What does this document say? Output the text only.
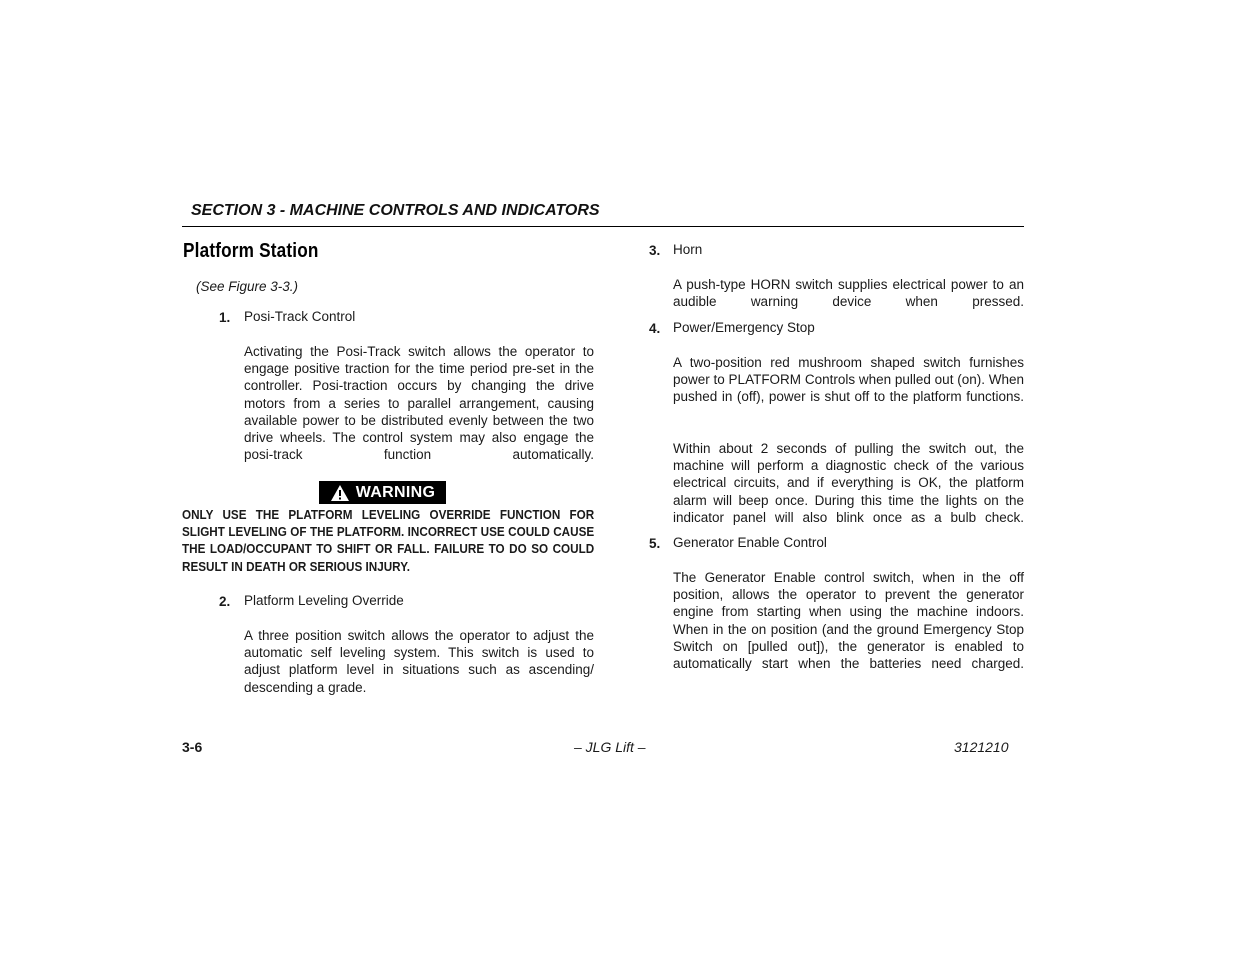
SECTION 3 - MACHINE CONTROLS AND INDICATORS
Platform Station
(See Figure 3-3.)
1. Posi-Track Control
Activating the Posi-Track switch allows the operator to engage positive traction for the time period pre-set in the controller. Posi-traction occurs by changing the drive motors from a series to parallel arrangement, causing available power to be distributed evenly between the two drive wheels. The control system may also engage the posi-track function automatically.
WARNING
ONLY USE THE PLATFORM LEVELING OVERRIDE FUNCTION FOR SLIGHT LEVELING OF THE PLATFORM. INCORRECT USE COULD CAUSE THE LOAD/OCCUPANT TO SHIFT OR FALL. FAILURE TO DO SO COULD RESULT IN DEATH OR SERIOUS INJURY.
2. Platform Leveling Override
A three position switch allows the operator to adjust the automatic self leveling system. This switch is used to adjust platform level in situations such as ascending/ descending a grade.
3. Horn
A push-type HORN switch supplies electrical power to an audible warning device when pressed.
4. Power/Emergency Stop
A two-position red mushroom shaped switch furnishes power to PLATFORM Controls when pulled out (on). When pushed in (off), power is shut off to the platform functions.
Within about 2 seconds of pulling the switch out, the machine will perform a diagnostic check of the various electrical circuits, and if everything is OK, the platform alarm will beep once. During this time the lights on the indicator panel will also blink once as a bulb check.
5. Generator Enable Control
The Generator Enable control switch, when in the off position, allows the operator to prevent the generator engine from starting when using the machine indoors. When in the on position (and the ground Emergency Stop Switch on [pulled out]), the generator is enabled to automatically start when the batteries need charged.
3-6	– JLG Lift –	3121210
